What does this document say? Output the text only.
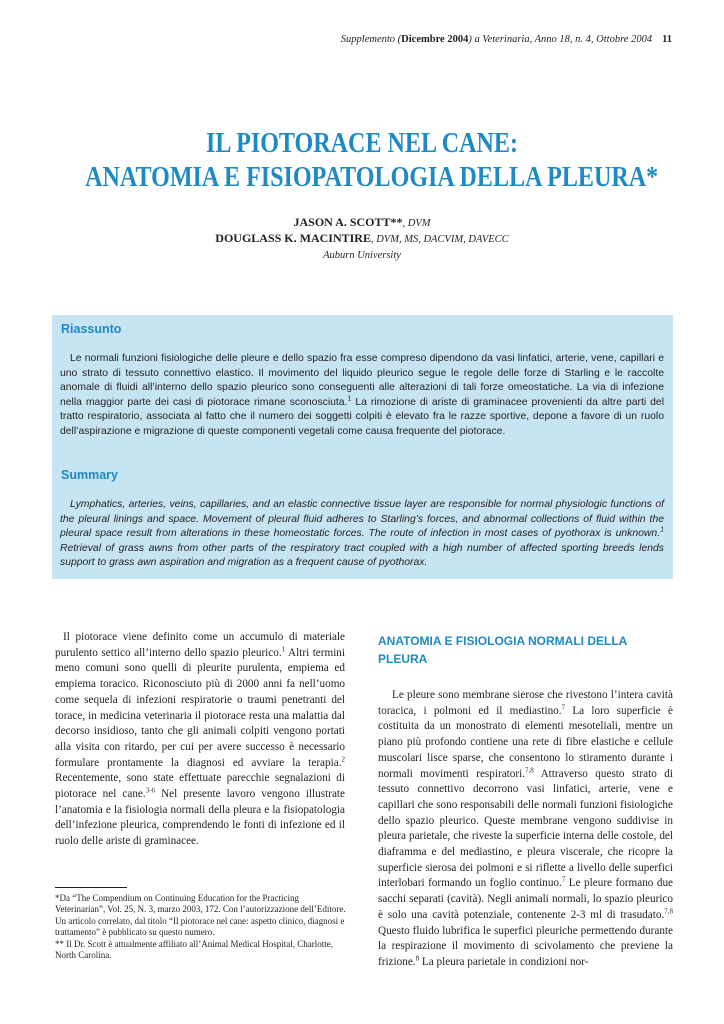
Supplemento (Dicembre 2004) a Veterinaria, Anno 18, n. 4, Ottobre 2004 11
IL PIOTORACE NEL CANE:
ANATOMIA E FISIOPATOLOGIA DELLA PLEURA*
JASON A. SCOTT**, DVM
DOUGLASS K. MACINTIRE, DVM, MS, DACVIM, DAVECC
Auburn University
Riassunto
Le normali funzioni fisiologiche delle pleure e dello spazio fra esse compreso dipendono da vasi linfatici, arterie, vene, capillari e uno strato di tessuto connettivo elastico. Il movimento del liquido pleurico segue le regole delle forze di Starling e le raccolte anomale di fluidi all’interno dello spazio pleurico sono conseguenti alle alterazioni di tali forze omeostatiche. La via di infezione nella maggior parte dei casi di piotorace rimane sconosciuta.$^1$ La rimozione di ariste di graminacee provenienti da altre parti del tratto respiratorio, associata al fatto che il numero dei soggetti colpiti è elevato fra le razze sportive, depone a favore di un ruolo dell’aspirazione e migrazione di queste componenti vegetali come causa frequente del piotorace.
Summary
Lymphatics, arteries, veins, capillaries, and an elastic connective tissue layer are responsible for normal physiologic functions of the pleural linings and space. Movement of pleural fluid adheres to Starling’s forces, and abnormal collections of fluid within the pleural space result from alterations in these homeostatic forces. The route of infection in most cases of pyothorax is unknown.$^1$ Retrieval of grass awns from other parts of the respiratory tract coupled with a high number of affected sporting breeds lends support to grass awn aspiration and migration as a frequent cause of pyothorax.

Il piotorace viene definito come un accumulo di materiale purulento settico all’interno dello spazio pleurico.$^1$ Altri termini meno comuni sono quelli di pleurite purulenta, empiema ed empiema toracico. Riconosciuto più di 2000 anni fa nell’uomo come sequela di infezioni respiratorie o traumi penetranti del torace, in medicina veterinaria il piotorace resta una malattia dal decorso insidioso, tanto che gli animali colpiti vengono portati alla visita con ritardo, per cui per avere successo è necessario formulare prontamente la diagnosi ed avviare la terapia.$^2$ Recentemente, sono state effettuate parecchie segnalazioni di piotorace nel cane.$^{3-6}$ Nel presente lavoro vengono illustrate l’anatomia e la fisiologia normali della pleura e la fisiopatologia dell’infezione pleurica, comprendendo le fonti di infezione ed il ruolo delle ariste di graminacee.

*Da “The Compendium on Continuing Education for the Practicing Veterinarian”, Vol. 25, N. 3, marzo 2003, 172. Con l’autorizzazione dell’Editore.

Un articolo correlato, dal titolo “Il piotorace nel cane: aspetto clinico, diagnosi e trattamento” è pubblicato su questo numero.

** Il Dr. Scott è attualmente affiliato all’Animal Medical Hospital, Charlotte, North Carolina.

ANATOMIA E FISIOLOGIA NORMALI DELLA PLEURA
Le pleure sono membrane sierose che rivestono l’intera cavità toracica, i polmoni ed il mediastino.$^7$ La loro superficie è costituita da un monostrato di elementi mesoteliali, mentre un piano più profondo contiene una rete di fibre elastiche e cellule muscolari lisce sparse, che consentono lo stiramento durante i normali movimenti respiratori.$^{7,8}$ Attraverso questo strato di tessuto connettivo decorrono vasi linfatici, arterie, vene e capillari che sono responsabili delle normali funzioni fisiologiche dello spazio pleurico. Queste membrane vengono suddivise in pleura parietale, che riveste la superficie interna delle costole, del diaframma e del mediastino, e pleura viscerale, che ricopre la superficie sierosa dei polmoni e si riflette a livello delle superfici interlobari formando un foglio continuo.$^7$ Le pleure formano due sacchi separati (cavità). Negli animali normali, lo spazio pleurico è solo una cavità potenziale, contenente 2-3 ml di trasudato.$^{7,8}$ Questo fluido lubrifica le superfici pleuriche permettendo durante la respirazione il movimento di scivolamento che previene la frizione.$^8$ La pleura parietale in condizioni nor-
